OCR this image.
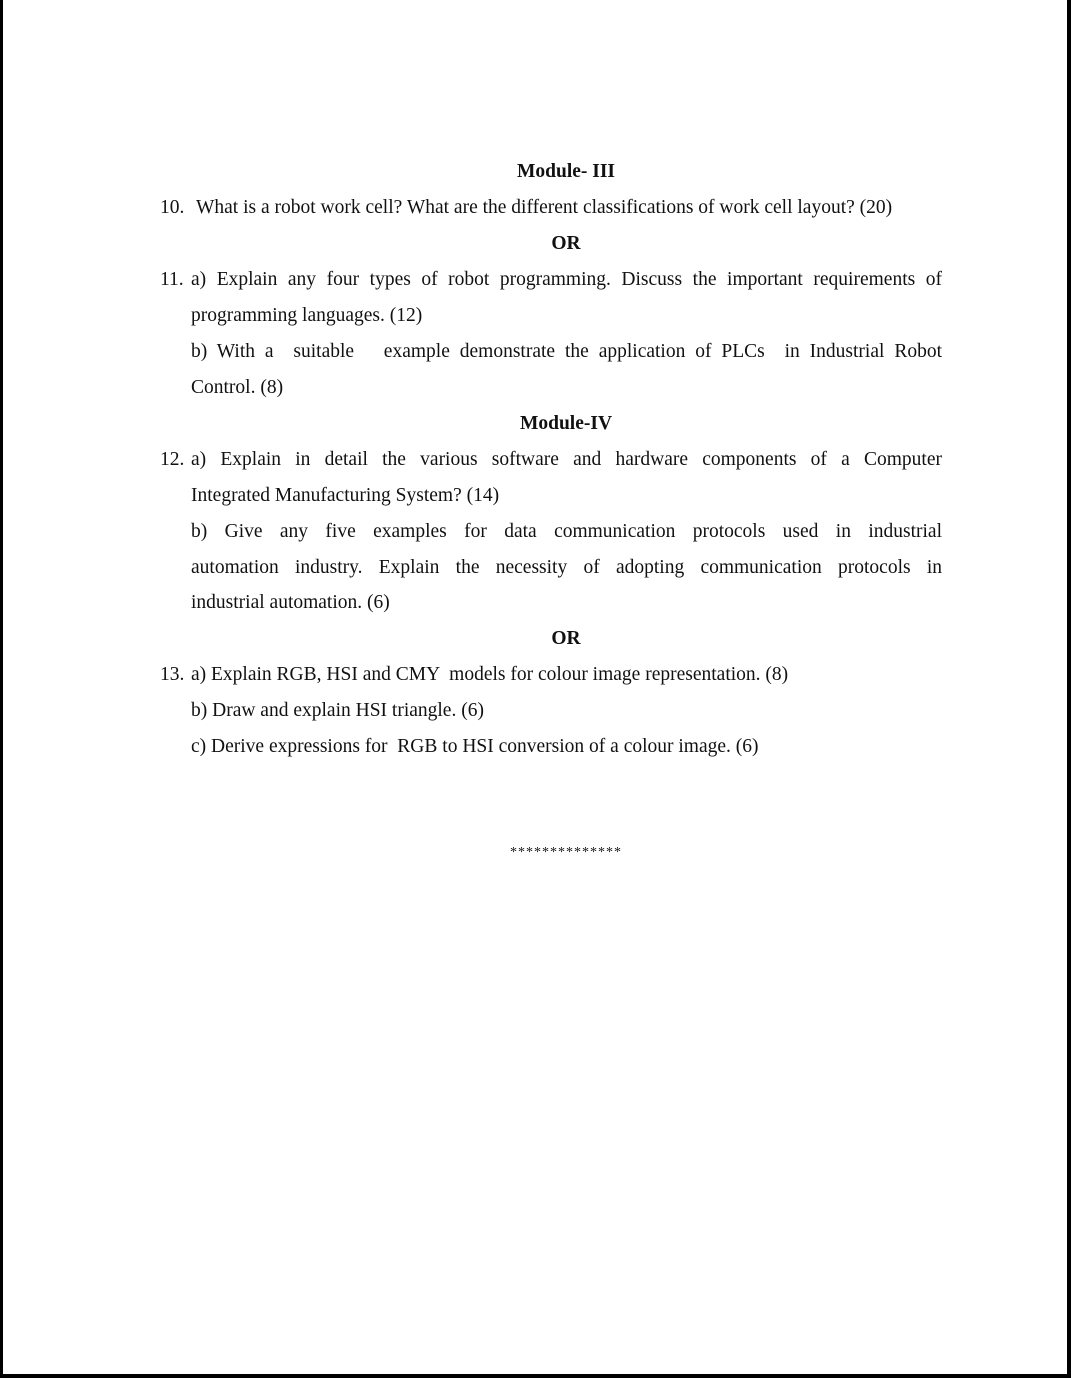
Module- III
10. What is a robot work cell? What are the different classifications of work cell layout? (20)
OR
11. a) Explain any four types of robot programming. Discuss the important requirements of
programming languages. (12)
b) With a  suitable   example demonstrate the application of PLCs  in Industrial Robot
Control. (8)
Module-IV
12. a) Explain in detail the various software and hardware components of a Computer
Integrated Manufacturing System? (14)
b) Give any five examples for data communication protocols used in industrial
automation industry. Explain the necessity of adopting communication protocols in
industrial automation. (6)
OR
13. a) Explain RGB, HSI and CMY  models for colour image representation. (8)
b) Draw and explain HSI triangle. (6)
c) Derive expressions for  RGB to HSI conversion of a colour image. (6)
**************
